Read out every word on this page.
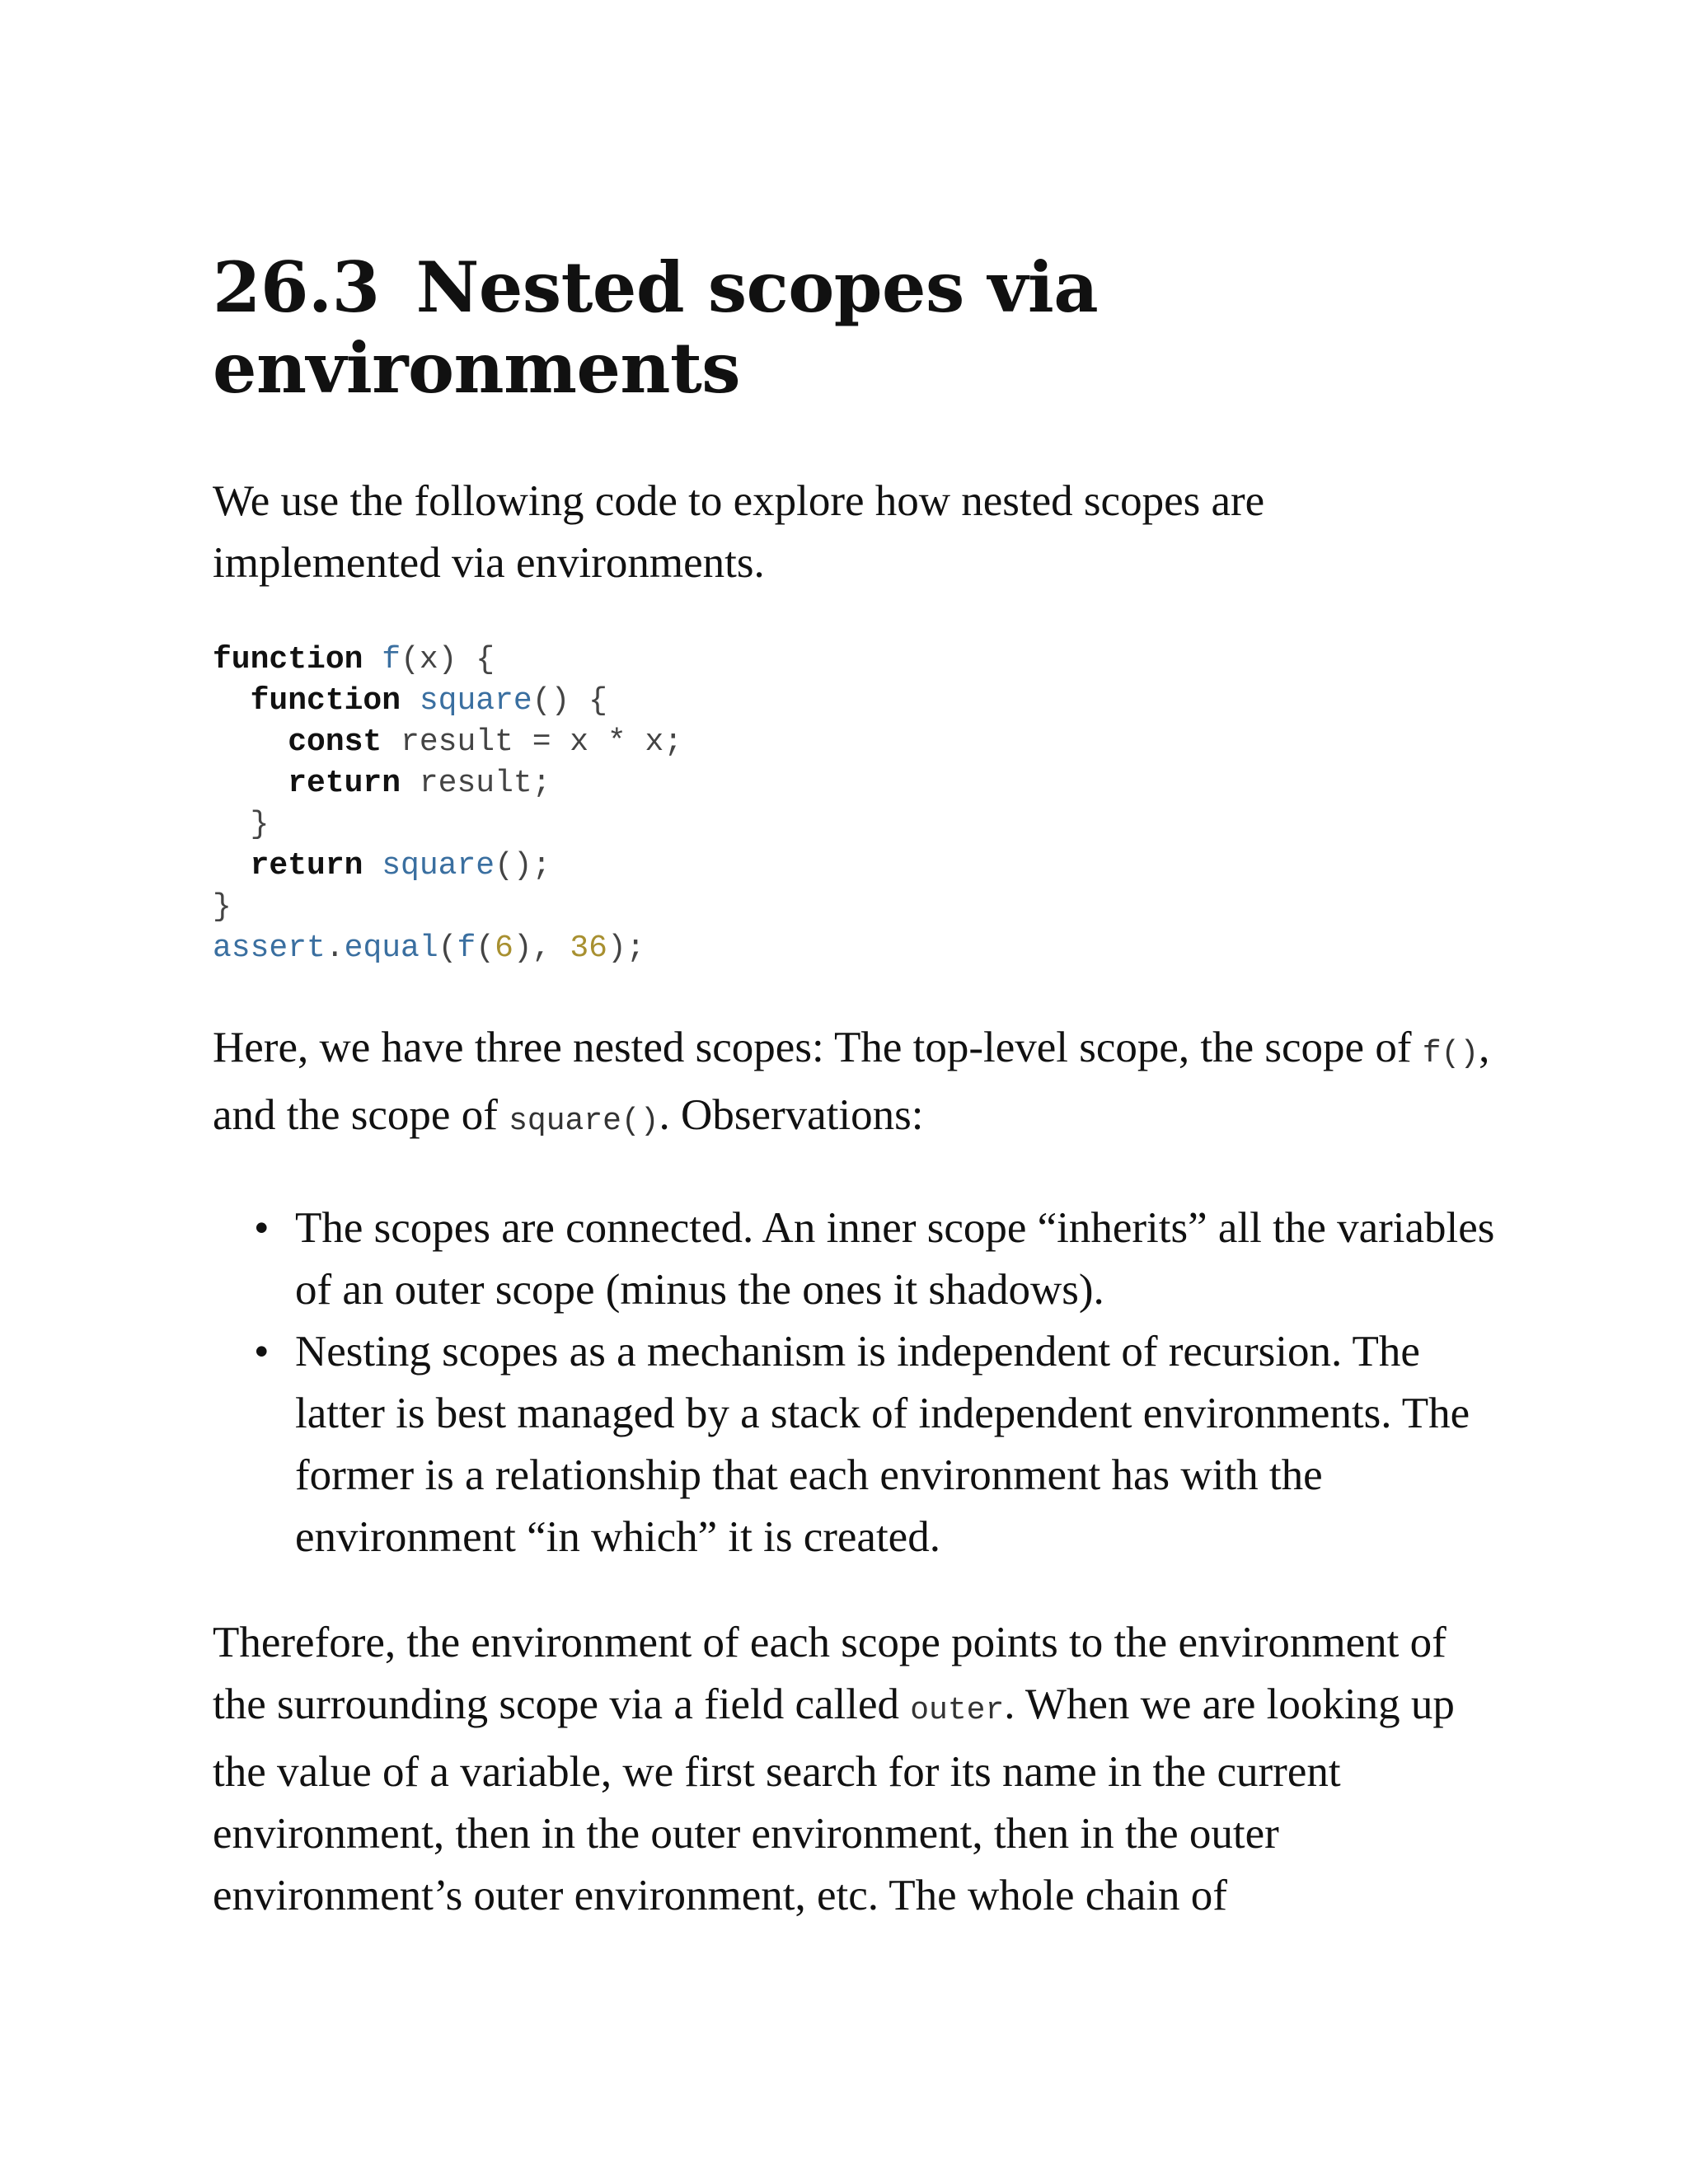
26.3 Nested scopes via
environments

We use the following code to explore how nested scopes are implemented via environments.

function f(x) {
function square() {
const result = x * x;
return result;
}
return square();
}
assert.equal(f(6), 36);

Here, we have three nested scopes: The top-level scope, the scope of f(), and the scope of square(). Observations:

• The scopes are connected. An inner scope “inherits” all the variables of an outer scope (minus the ones it shadows).
• Nesting scopes as a mechanism is independent of recursion. The latter is best managed by a stack of independent environments. The former is a relationship that each environment has with the environment “in which” it is created.

Therefore, the environment of each scope points to the environment of the surrounding scope via a field called outer. When we are looking up the value of a variable, we first search for its name in the current environment, then in the outer environment, then in the outer environment’s outer environment, etc. The whole chain of
